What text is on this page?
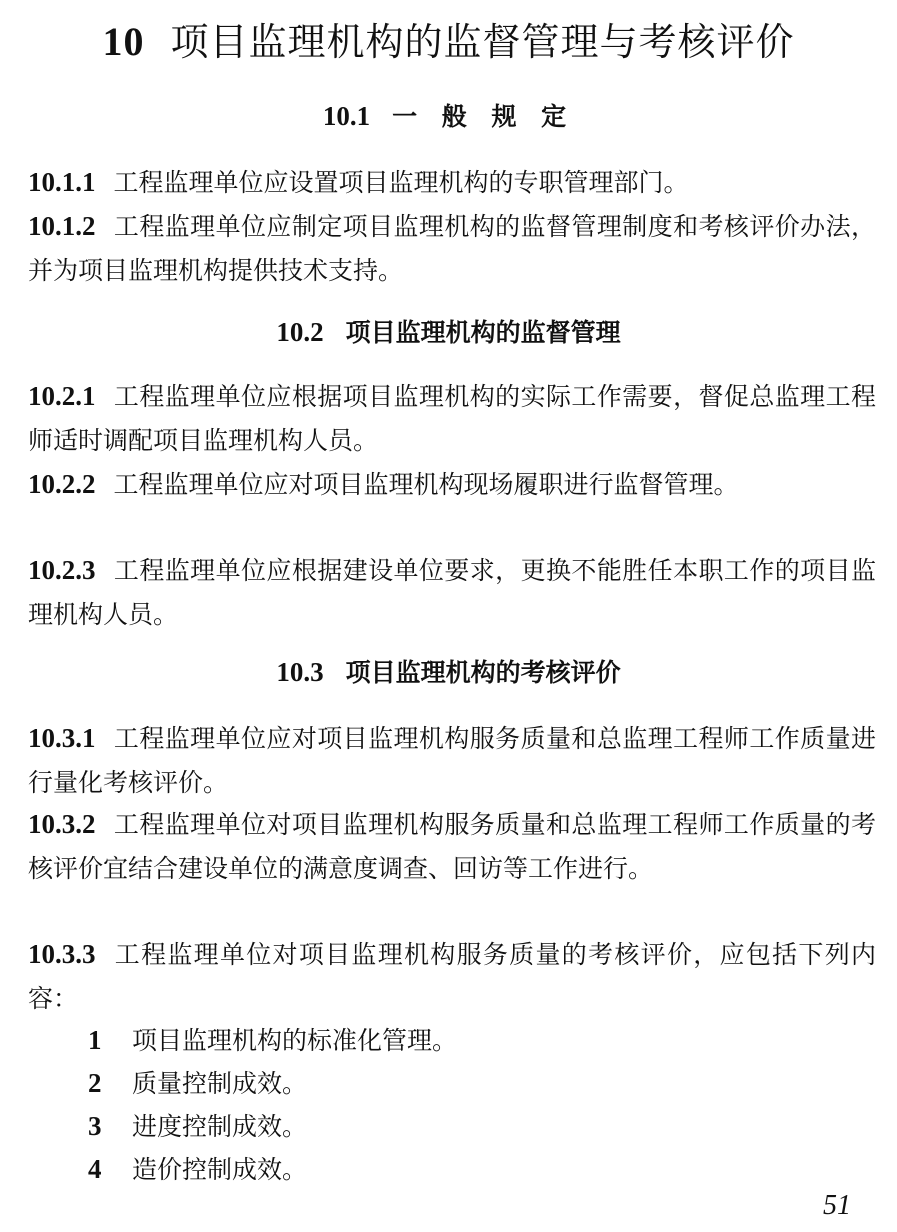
10 项目监理机构的监督管理与考核评价
10.1 一 般 规 定
10.1.1 工程监理单位应设置项目监理机构的专职管理部门。
10.1.2 工程监理单位应制定项目监理机构的监督管理制度和考核评价办法，并为项目监理机构提供技术支持。
10.2 项目监理机构的监督管理
10.2.1 工程监理单位应根据项目监理机构的实际工作需要，督促总监理工程师适时调配项目监理机构人员。
10.2.2 工程监理单位应对项目监理机构现场履职进行监督管理。
10.2.3 工程监理单位应根据建设单位要求，更换不能胜任本职工作的项目监理机构人员。
10.3 项目监理机构的考核评价
10.3.1 工程监理单位应对项目监理机构服务质量和总监理工程师工作质量进行量化考核评价。
10.3.2 工程监理单位对项目监理机构服务质量和总监理工程师工作质量的考核评价宜结合建设单位的满意度调查、回访等工作进行。
10.3.3 工程监理单位对项目监理机构服务质量的考核评价，应包括下列内容：
1 项目监理机构的标准化管理。
2 质量控制成效。
3 进度控制成效。
4 造价控制成效。
51
